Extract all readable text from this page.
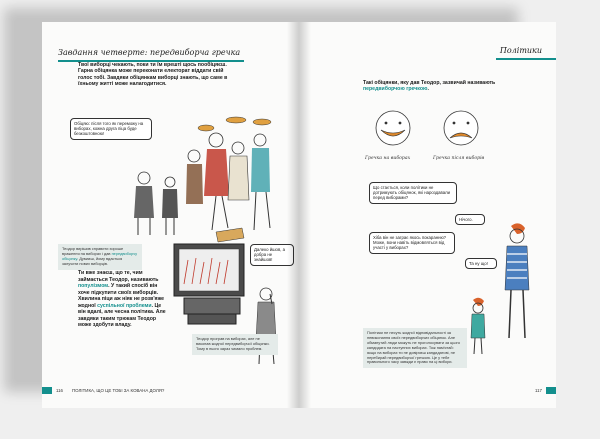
Завдання четверте: передвиборча гречка
Твої виборці чекають, поки ти їм врешті щось пообіцяєш. Гарна обіцянка може переконати електорат віддати свій голос тобі. Завдяки обіцянкам виборці знають, що саме в їхньому житті може налагодитися.
Обіцяю: після того як переможу на виборах, кожна друга піца буде безкоштовною!
Теодор вирішив справити хороше враження на виборах і дав передвиборчу обіцянку. Думаєш, йому вдасться залучити нових виборців.
Ти вже знаєш, що те, чим займається Теодор, називають популізмом. У такий спосіб він хоче підкупити своїх виборців. Хвилина піци аж ніяк не розв'яже жодної суспільної проблеми. Це він вдалі, але чесна політика. Але завдяки таким трюкам Теодор може здобути владу.
Далеко йшов, а добра не знайшов!
Теодор програв на виборах, але не виконав жодної передвиборчої обіцянки. Тому в нього зараз чимало проблем.
116 ПОЛІТИКА, ЩО ЦЕ ТОБІ ЗА КОВАНА ДОЛЯ?
Політики
Такі обіцянки, яку дав Теодор, зазвичай називають передвиборчою гречкою.
Гречка на виборах	Гречка після виборів
Що стається, коли політики не дотримують обіцянок, які нароздавали перед виборами?
Нічого.
Хіба він не заграє якось покаранню? Може, вони навіть відмовляться від участі у виборах?
Та ну що!
Політики не несуть жодної відповідальності за невиконання своїх передвиборчих обіцянок. Але обманутий люди можуть не проголосувати за цього кандидата на наступних виборах. Тож пам'ятай: якщо на виборах ти не довіряєш кандидатові, не перебирай передвиборчої гречкою. Це у тебе правильного часу завжди є право на ці вибори.
117
